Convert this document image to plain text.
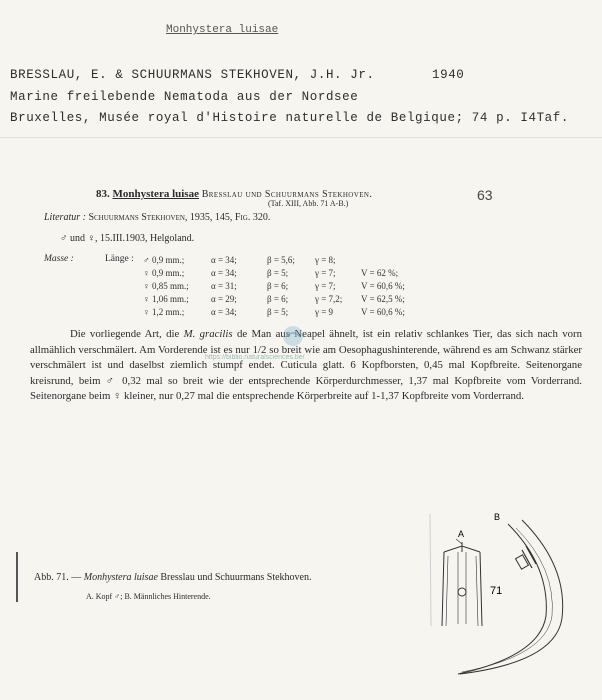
Monhystera luisae
BRESSLAU, E. & SCHUURMANS STEKHOVEN, J.H. Jr.	1940
Marine freilebende Nematoda aus der Nordsee
Bruxelles, Musée royal d'Histoire naturelle de Belgique; 74 p. I4Taf.
83. Monhystera luisae Bresslau und Schuurmans Stekhoven.	63
(Taf. XIII, Abb. 71 A-B.)
Literatur : Schuurmans Stekhoven, 1935, 145, Fig. 320.
♂ und ♀, 15.III.1903, Helgoland.
Masse :	Länge : ♂ 0,9 mm.;	α = 34;	β = 5,6; γ = 8;
♀ 0,9 mm.;	α = 34;	β = 5;	γ = 7;	V = 62 %;
♀ 0,85 mm.; α = 31;	β = 6;	γ = 7;	V = 60,6 %;
♀ 1,06 mm.; α = 29;	β = 6;	γ = 7,2; V = 62,5 %;
♀ 1,2 mm.;	α = 34;	β = 5;	γ = 9	V = 60,6 %;

Die vorliegende Art, die M. gracilis de Man aus Neapel ähnelt, ist ein relativ schlankes Tier, das sich nach vorn allmählich verschmälert. Am Vorderende ist es nur 1/2 so breit wie am Oesophagushinterende, während es am Schwanz stärker verschmälert ist und daselbst ziemlich stumpf endet. Cuticula glatt. 6 Kopfborsten, 0,45 mal Kopfbreite. Seitenorgane kreisrund, beim ♂ 0,32 mal so breit wie der entsprechende Körperdurchmesser, 1,37 mal Kopfbreite vom Vorderrand. Seitenorgane beim ♀ kleiner, nur 0,27 mal die entsprechende Körperbreite auf 1-1,37 Kopfbreite vom Vorderrand.

https://biblio.naturalsciences.be/
Abb. 71. — Monhystera luisae Bresslau und Schuurmans Stekhoven.
A. Kopf ♂; B. Männliches Hinterende.
A
B
71
